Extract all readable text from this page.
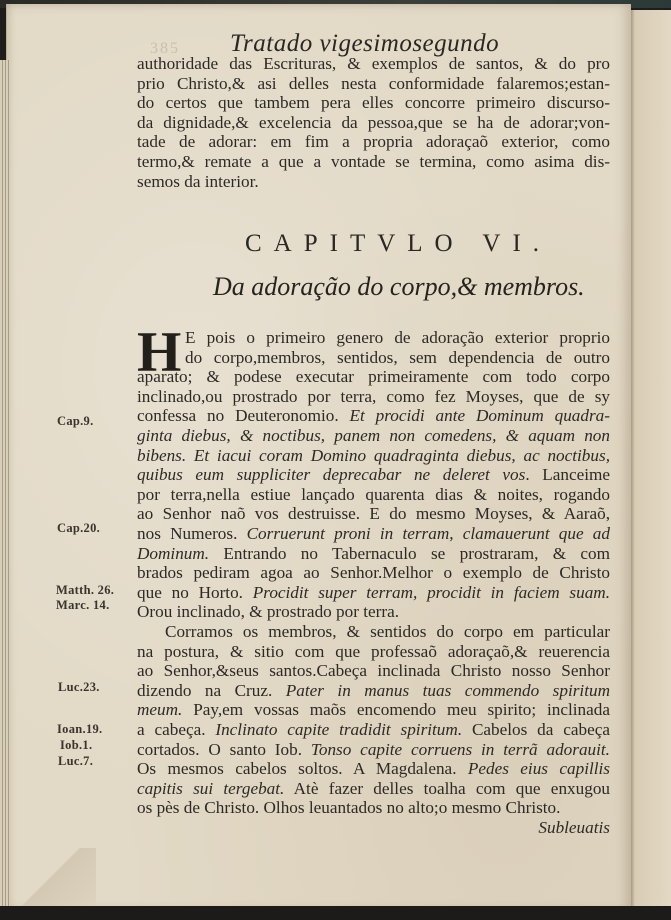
385 Tratado vigesimosegundo
authoridade das Escrituras, & exemplos de santos, & do pro
prio Christo,& asi delles nesta conformidade falaremos;estan-
do certos que tambem pera elles concorre primeiro discurso-
da dignidade,& excelencia da pessoa,que se ha de adorar;von-
tade de adorar: em fim a propria adoraçaõ exterior, como
termo,& remate a que a vontade se termina, como asima dis-
semos da interior.
CAPITVLO VI.
Da adoração do corpo,& membros.
H E pois o primeiro genero de adoração exterior proprio
do corpo,membros, sentidos, sem dependencia de outro
aparato; & podese executar primeiramente com todo corpo
inclinado,ou prostrado por terra, como fez Moyses, que de sy
confessa no Deuteronomio. Et procidi ante Dominum quadra-
ginta diebus, & noctibus, panem non comedens, & aquam non
bibens. Et iacui coram Domino quadraginta diebus, ac noctibus,
quibus eum suppliciter deprecabar ne deleret vos. Lanceime
por terra,nella estiue lançado quarenta dias & noites, rogando
ao Senhor naõ vos destruisse. E do mesmo Moyses, & Aaraõ,
nos Numeros. Corruerunt proni in terram, clamauerunt que ad
Dominum. Entrando no Tabernaculo se prostraram, & com
brados pediram agoa ao Senhor.Melhor o exemplo de Christo
que no Horto. Procidit super terram, procidit in faciem suam.
Orou inclinado, & prostrado por terra.
Corramos os membros, & sentidos do corpo em particular
na postura, & sitio com que professaõ adoraçaõ,& reuerencia
ao Senhor,&seus santos.Cabeça inclinada Christo nosso Senhor
dizendo na Cruz. Pater in manus tuas commendo spiritum
meum. Pay,em vossas maõs encomendo meu spirito; inclinada
a cabeça. Inclinato capite tradidit spiritum. Cabelos da cabeça
cortados. O santo Iob. Tonso capite corruens in terrã adorauit.
Os mesmos cabelos soltos. A Magdalena. Pedes eius capillis
capitis sui tergebat. Atè fazer delles toalha com que enxugou
os pès de Christo. Olhos leuantados no alto;o mesmo Christo.
Subleuatis
Cap.9.
Cap.20.
Matth. 26.
Marc. 14.
Luc.23.
Ioan.19.
Iob.1.
Luc.7.
